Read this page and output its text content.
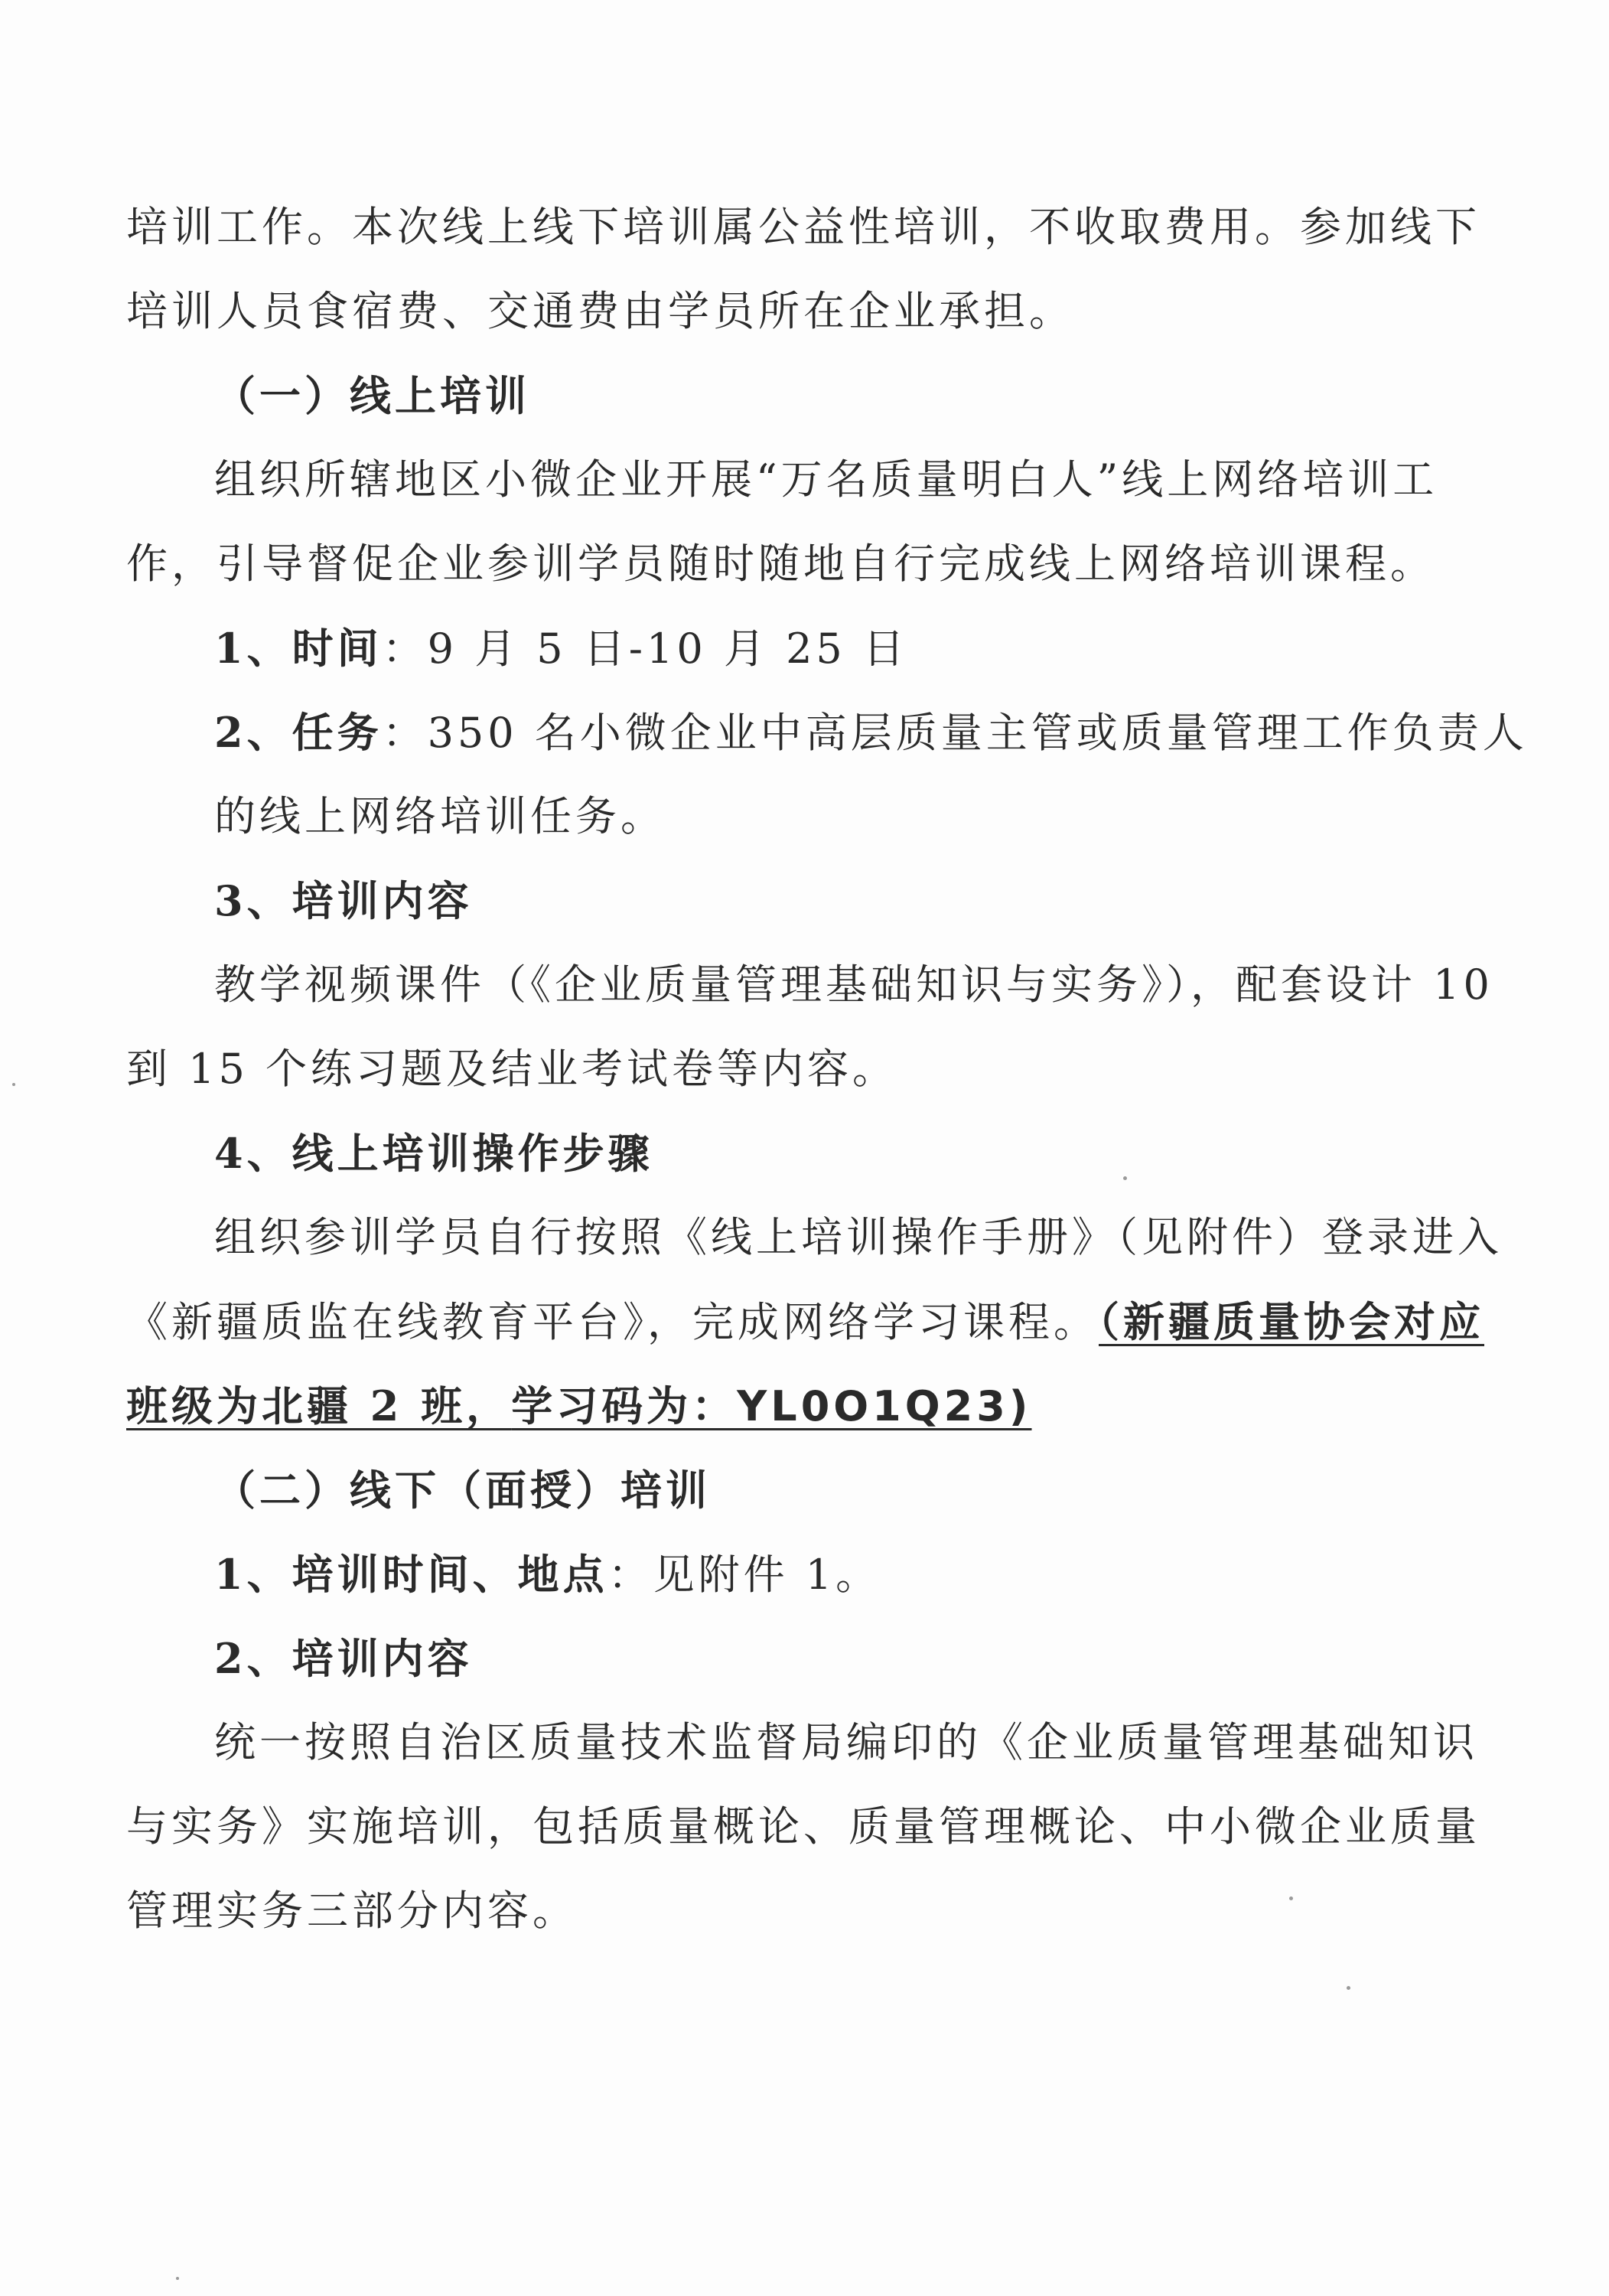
培训工作。本次线上线下培训属公益性培训，不收取费用。参加线下
培训人员食宿费、交通费由学员所在企业承担。
（一）线上培训
组织所辖地区小微企业开展“万名质量明白人”线上网络培训工
作，引导督促企业参训学员随时随地自行完成线上网络培训课程。
1、时间：9 月 5 日-10 月 25 日
2、任务：350 名小微企业中高层质量主管或质量管理工作负责人
的线上网络培训任务。
3、培训内容
教学视频课件（《企业质量管理基础知识与实务》），配套设计 10
到 15 个练习题及结业考试卷等内容。
4、线上培训操作步骤
组织参训学员自行按照《线上培训操作手册》（见附件）登录进入
《新疆质监在线教育平台》，完成网络学习课程。（新疆质量协会对应
班级为北疆 2 班，学习码为：YL0O1Q23)
（二）线下（面授）培训
1、培训时间、地点：见附件 1。
2、培训内容
统一按照自治区质量技术监督局编印的《企业质量管理基础知识
与实务》实施培训，包括质量概论、质量管理概论、中小微企业质量
管理实务三部分内容。
